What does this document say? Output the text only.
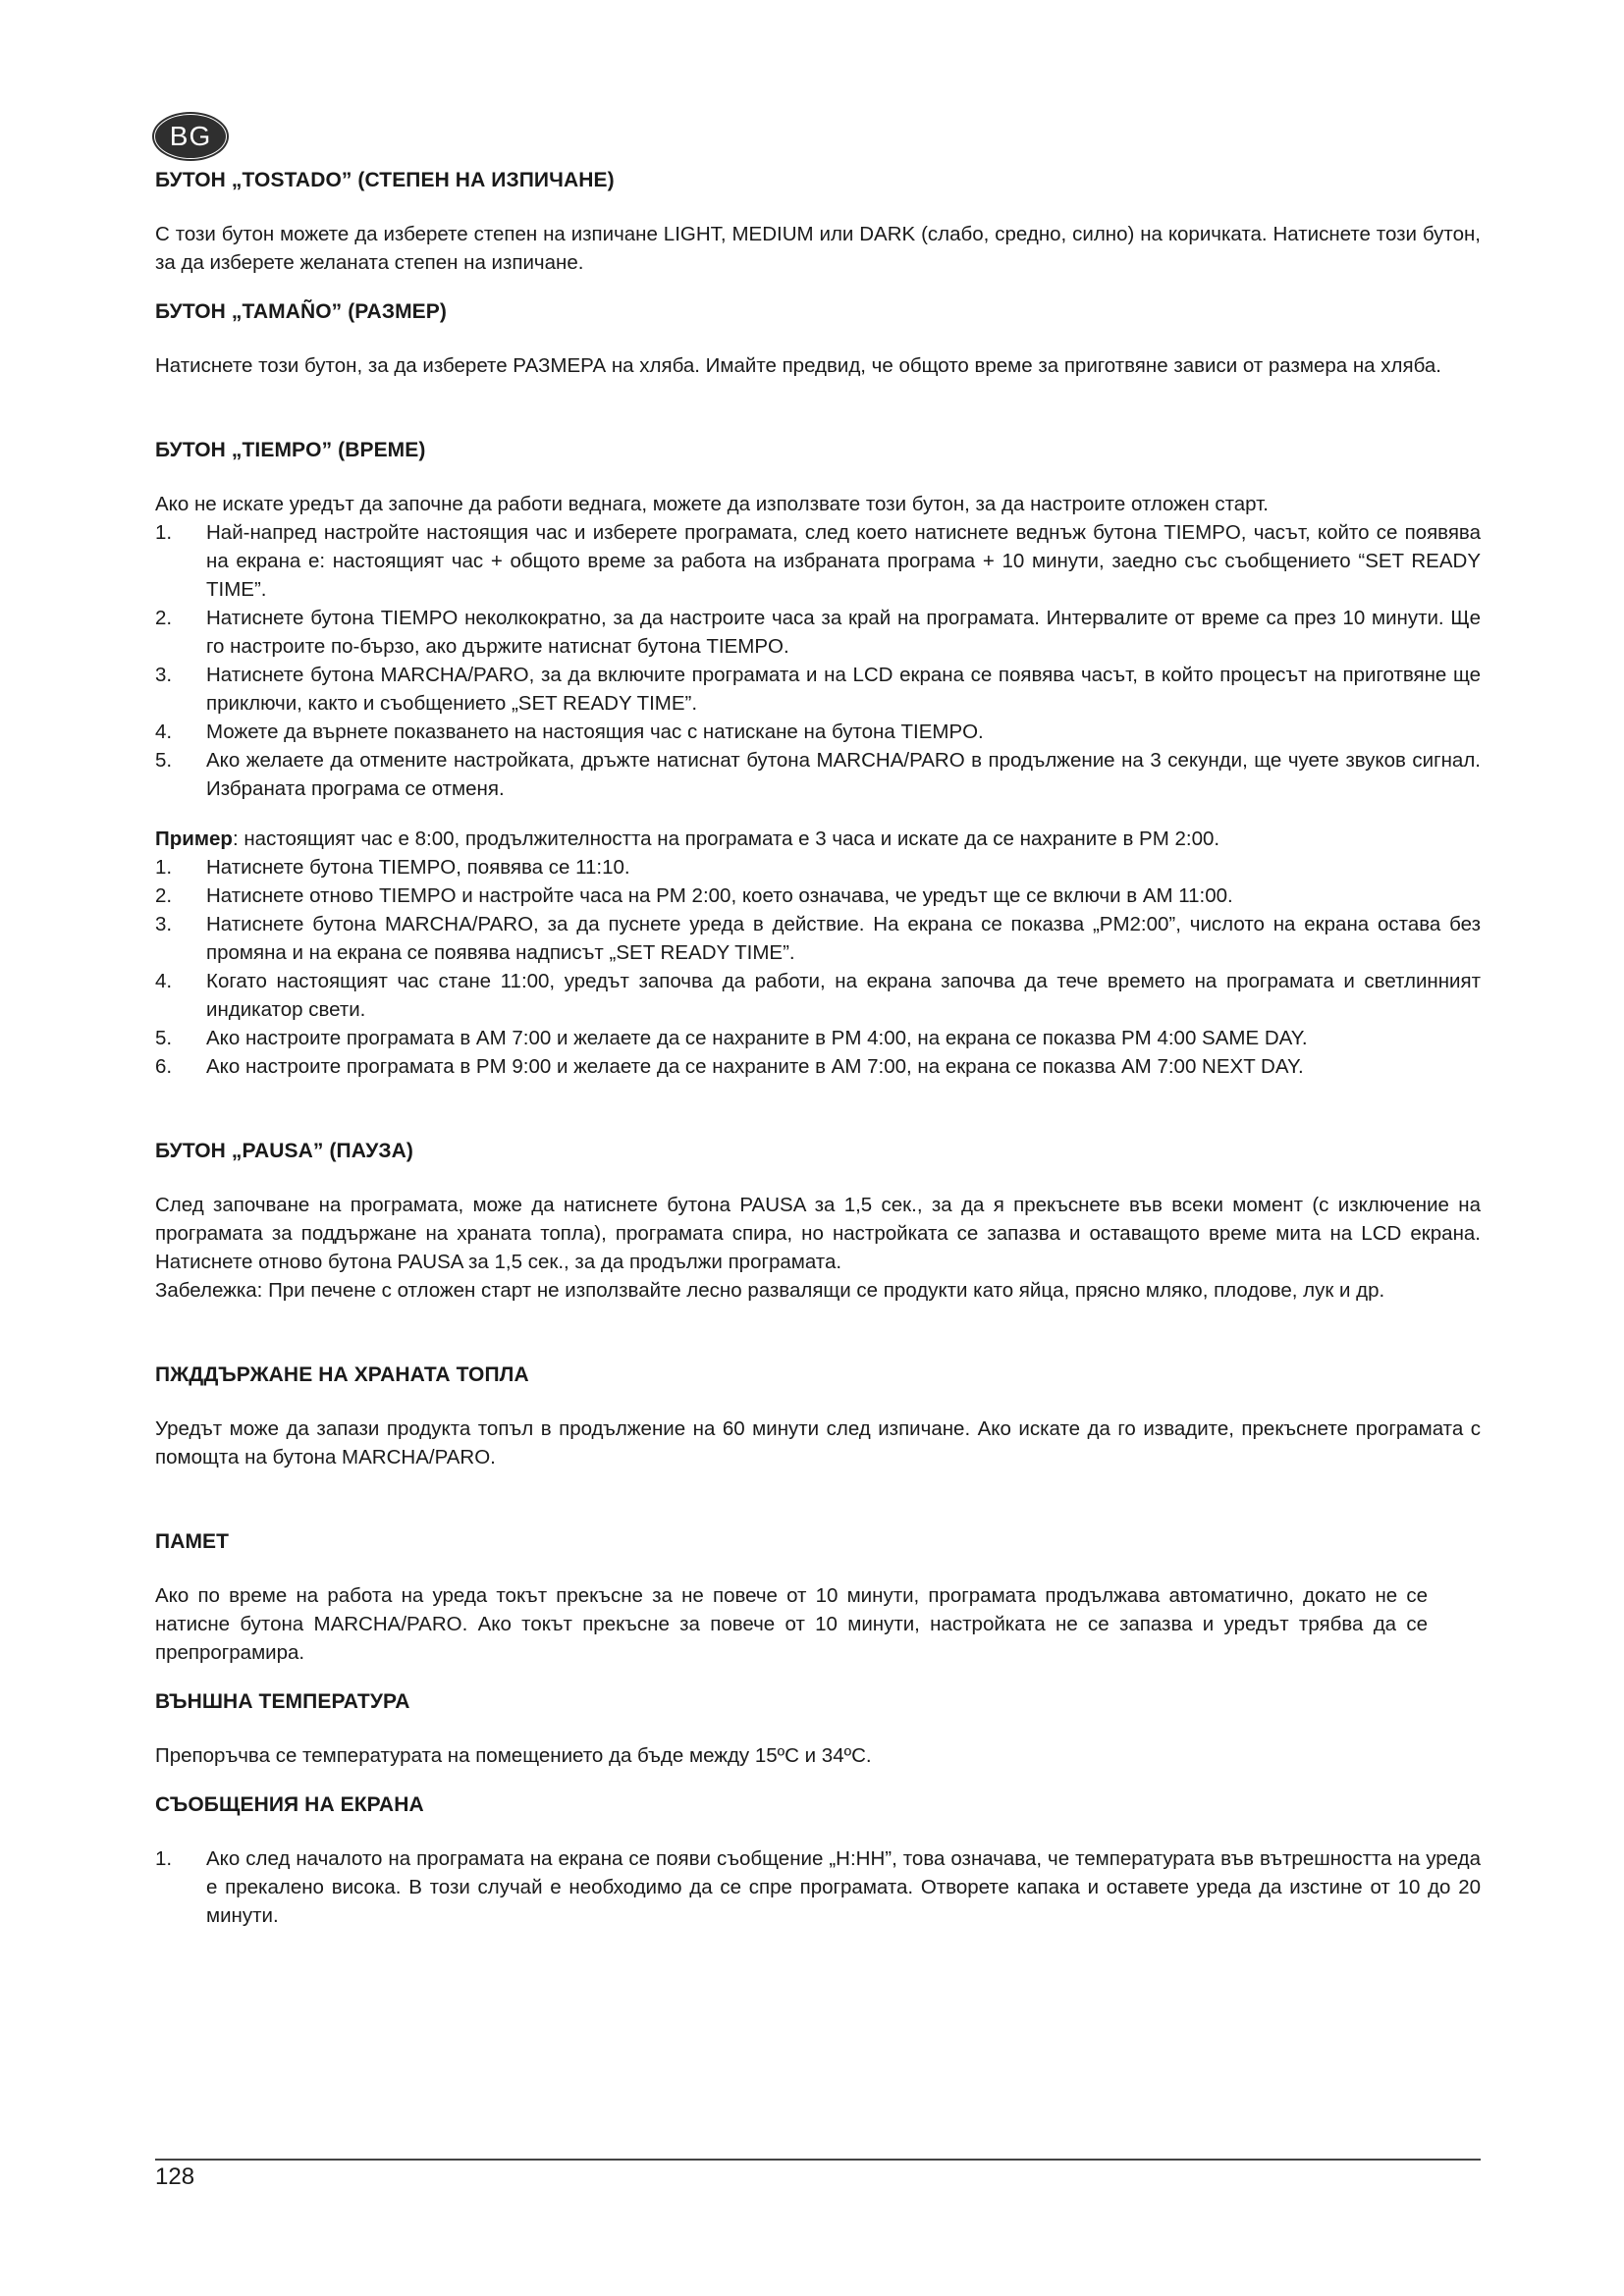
BG
БУТОН „TOSTADO” (СТЕПЕН НА ИЗПИЧАНЕ)

С този бутон можете да изберете степен на изпичане LIGHT, MEDIUM или DARK (слабо, средно, силно) на коричката. Натиснете този бутон, за да изберете желаната степен на изпичане.

БУТОН „TAMAÑO” (РАЗМЕР)

Натиснете този бутон, за да изберете РАЗМЕРА на хляба. Имайте предвид, че общото време за приготвяне зависи от размера на хляба.

БУТОН „TIEMPO” (ВРЕМЕ)

Ако не искате уредът да започне да работи веднага, можете да използвате този бутон, за да настроите отложен старт.

1. Най-напред настройте настоящия час и изберете програмата, след което натиснете веднъж бутона TIEMPO, часът, който се появява на екрана е: настоящият час + общото време за работа на избраната програма + 10 минути, заедно със съобщението “SET READY TIME”.
2. Натиснете бутона TIEMPO неколкократно, за да настроите часа за край на програмата. Интервалите от време са през 10 минути. Ще го настроите по-бързо, ако държите натиснат бутона TIEMPO.
3. Натиснете бутона MARCHA/PARO, за да включите програмата и на LCD екрана се появява часът, в който процесът на приготвяне ще приключи, както и съобщението „SET READY TIME”.
4. Можете да върнете показването на настоящия час с натискане на бутона TIEMPO.
5. Ако желаете да отмените настройката, дръжте натиснат бутона MARCHA/PARO в продължение на 3 секунди, ще чуете звуков сигнал. Избраната програма се отменя.

Пример: настоящият час е 8:00, продължителността на програмата е 3 часа и искате да се нахраните в PM 2:00.

1. Натиснете бутона TIEMPO, появява се 11:10.
2. Натиснете отново TIEMPO и настройте часа на PM 2:00, което означава, че уредът ще се включи в AM 11:00.
3. Натиснете бутона MARCHA/PARO, за да пуснете уреда в действие. На екрана се показва „PM2:00”, числото на екрана остава без промяна и на екрана се появява надписът „SET READY TIME”.
4. Когато настоящият час стане 11:00, уредът започва да работи, на екрана започва да тече времето на програмата и светлинният индикатор свети.
5. Ако настроите програмата в AM 7:00 и желаете да се нахраните в PM 4:00, на екрана се показва PM 4:00 SAME DAY.
6. Ако настроите програмата в PM 9:00 и желаете да се нахраните в AM 7:00, на екрана се показва AM 7:00 NEXT DAY.
БУТОН „PAUSA” (ПАУЗА)

След започване на програмата, може да натиснете бутона PAUSA за 1,5 сек., за да я прекъснете във всеки момент (с изключение на програмата за поддържане на храната топла), програмата спира, но настройката се запазва и оставащото време мита на LCD екрана. Натиснете отново бутона PAUSA за 1,5 сек., за да продължи програмата.

Забележка: При печене с отложен старт не използвайте лесно развалящи се продукти като яйца, прясно мляко, плодове, лук и др.

ПЖДДЪРЖАНЕ НА ХРАНАТА ТОПЛА

Уредът може да запази продукта топъл в продължение на 60 минути след изпичане. Ако искате да го извадите, прекъснете програмата с помощта на бутона MARCHA/PARO.

ПАМЕТ

Ако по време на работа на уреда токът прекъсне за не повече от 10 минути, програмата продължава автоматично, докато не се натисне бутона MARCHA/PARO. Ако токът прекъсне за повече от 10 минути, настройката не се запазва и уредът трябва да се препрограмира.

ВЪНШНА ТЕМПЕРАТУРА

Препоръчва се температурата на помещението да бъде между 15ºC и 34ºC.

СЪОБЩЕНИЯ НА ЕКРАНА
1. Ако след началото на програмата на екрана се появи съобщение „H:HH”, това означава, че температурата във вътрешността на уреда е прекалено висока. В този случай е необходимо да се спре програмата. Отворете капака и оставете уреда да изстине от 10 до 20 минути.
128
